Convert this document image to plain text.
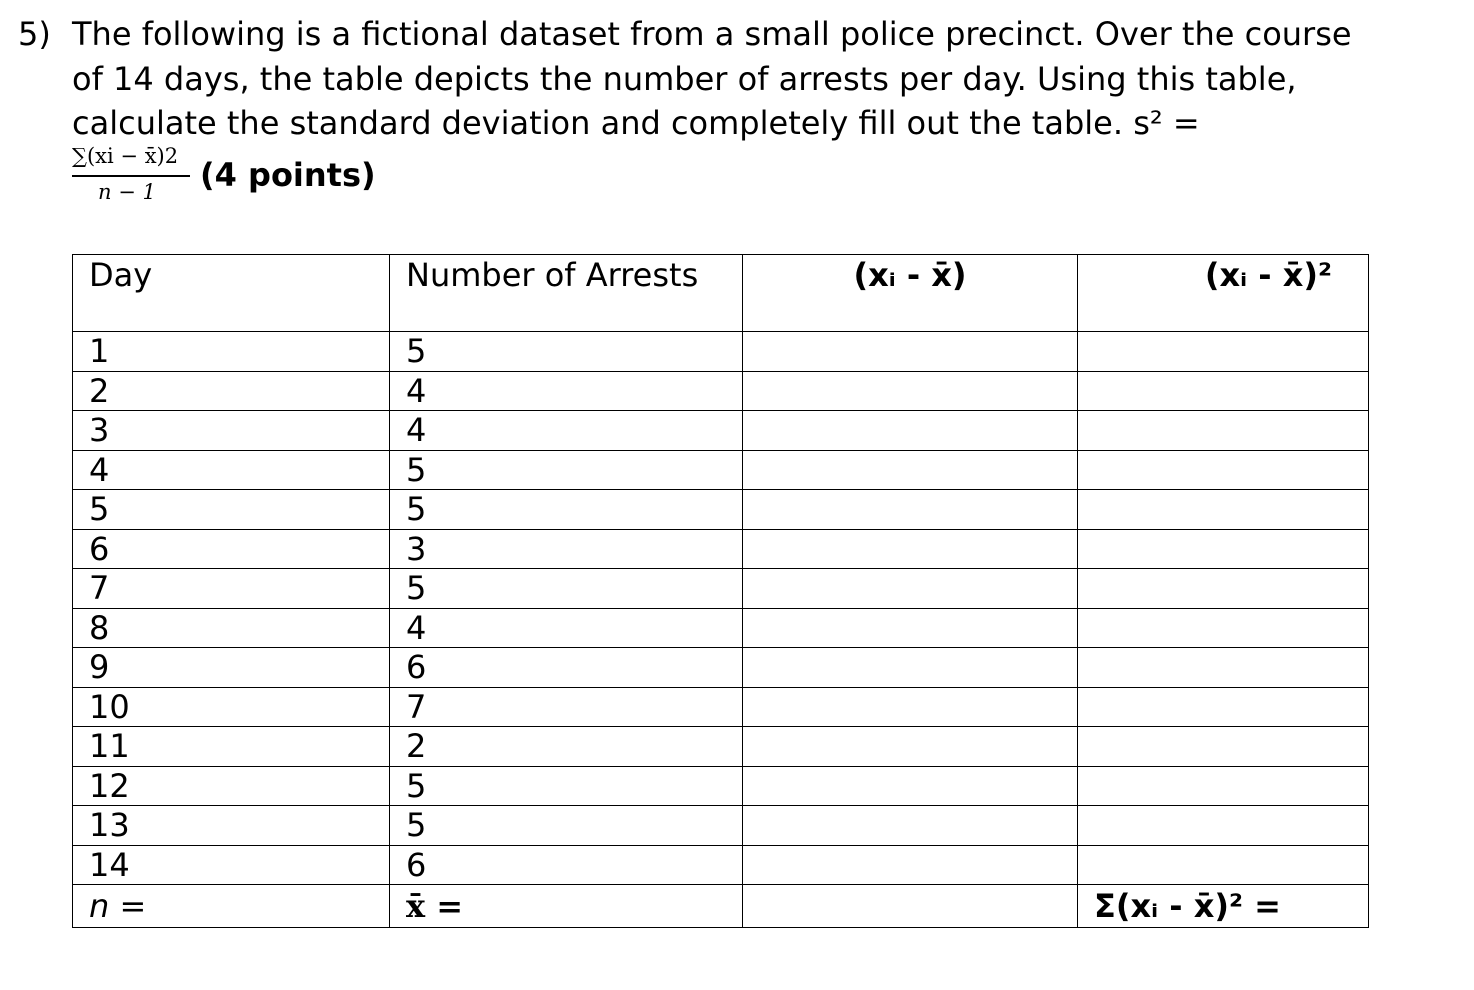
5) The following is a fictional dataset from a small police precinct. Over the course of 14 days, the table depicts the number of arrests per day. Using this table, calculate the standard deviation and completely fill out the table. s² =
∑(xi − x̄)2
n − 1 (4 points)
Day	Number of Arrests	(xᵢ - x̄)	(xᵢ - x̄)²
1	5		
2	4		
3	4		
4	5		
5	5		
6	3		
7	5		
8	4		
9	6		
10	7		
11	2		
12	5		
13	5		
14	6		
n =	x̄ =		Σ(xᵢ - x̄)² =
